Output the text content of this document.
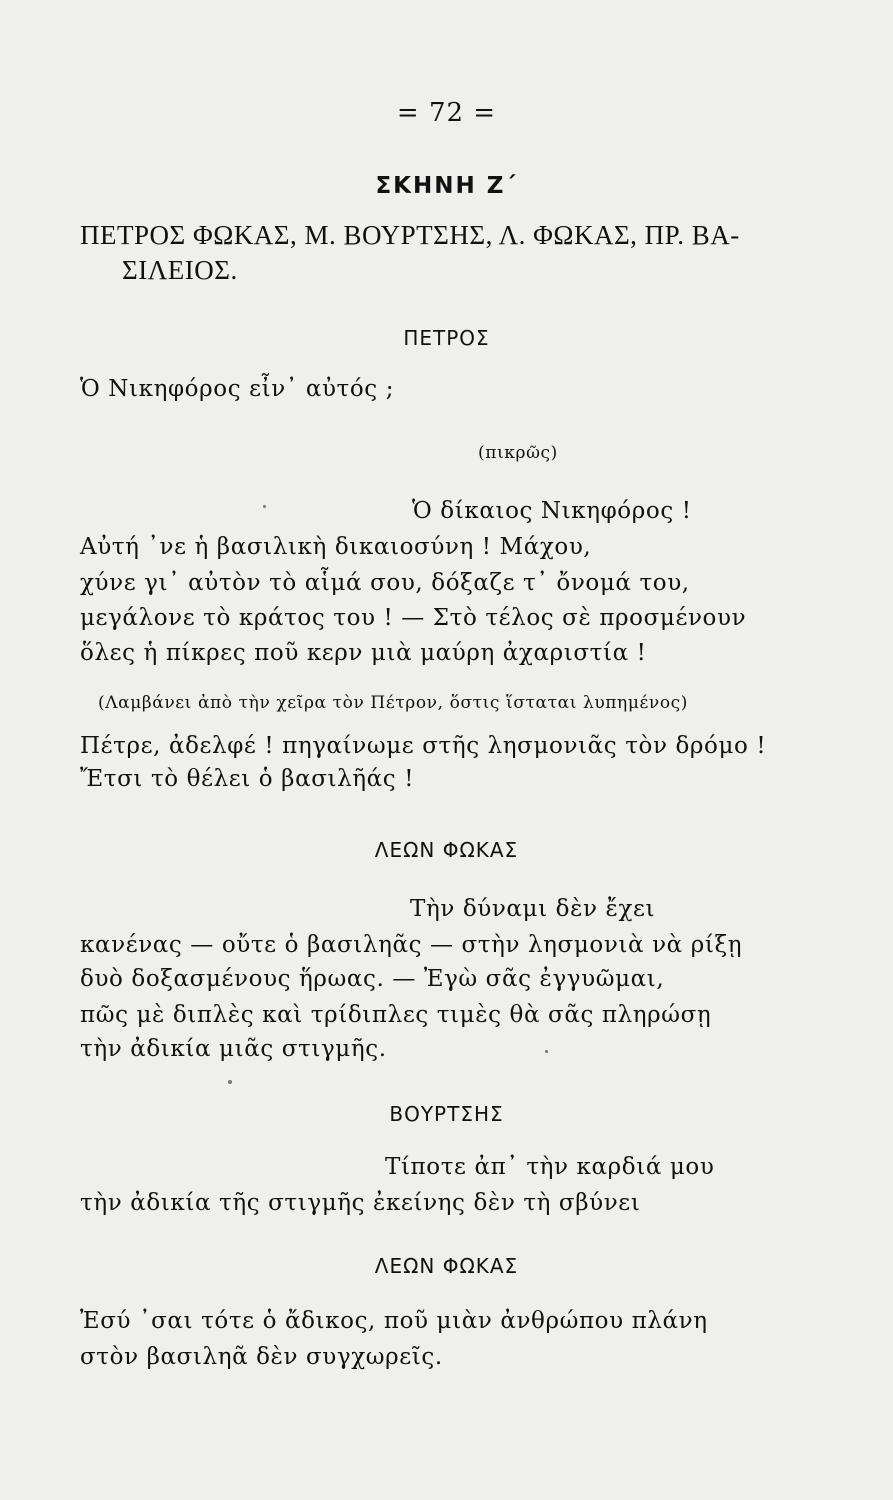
= 72 =
ΣΚΗΝΗ Ζ΄
ΠΕΤΡΟΣ ΦΩΚΑΣ, Μ. ΒΟΥΡΤΣΗΣ, Λ. ΦΩΚΑΣ, ΠΡ. ΒΑ-
ΣΙΛΕΙΟΣ.
ΠΕΤΡΟΣ
Ὁ Νικηφόρος εἶν᾽ αὐτός ;
(πικρῶς)
Ὁ δίκαιος Νικηφόρος !
Αὐτή ᾽νε ἡ βασιλικὴ δικαιοσύνη ! Μάχου,
χύνε γι᾽ αὐτὸν τὸ αἷμά σου, δόξαζε τ᾽ ὄνομά του,
μεγάλονε τὸ κράτος του ! — Στὸ τέλος σὲ προσμένουν
ὅλες ἡ πίκρες ποῦ κερν μιὰ μαύρη ἀχαριστία !
(Λαμβάνει ἀπὸ τὴν χεῖρα τὸν Πέτρον, ὅστις ἵσταται λυπημένος)
Πέτρε, ἀδελφέ ! πηγαίνωμε στῆς λησμονιᾶς τὸν δρόμο !
Ἔτσι τὸ θέλει ὁ βασιλῆάς !
ΛΕΩΝ ΦΩΚΑΣ
Τὴν δύναμι δὲν ἔχει
κανένας — οὔτε ὁ βασιληᾶς — στὴν λησμονιὰ νὰ ρίξῃ
δυὸ δοξασμένους ἥρωας. — Ἐγὼ σᾶς ἐγγυῶμαι,
πῶς μὲ διπλὲς καὶ τρίδιπλες τιμὲς θὰ σᾶς πληρώσῃ
τὴν ἀδικία μιᾶς στιγμῆς.
ΒΟΥΡΤΣΗΣ
Τίποτε ἀπ᾽ τὴν καρδιά μου
τὴν ἀδικία τῆς στιγμῆς ἐκείνης δὲν τὴ σβύνει
ΛΕΩΝ ΦΩΚΑΣ
Ἐσύ ᾽σαι τότε ὁ ἄδικος, ποῦ μιὰν ἀνθρώπου πλάνη
στὸν βασιληᾶ δὲν συγχωρεῖς.
